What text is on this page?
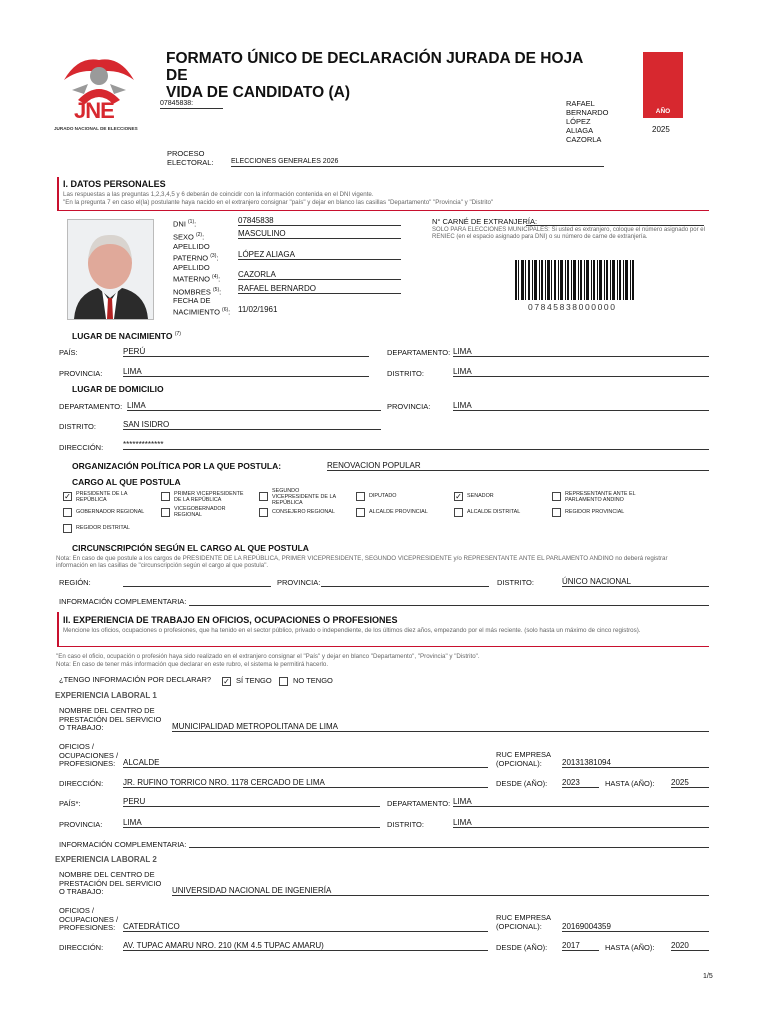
JNE
JURADO NACIONAL DE ELECCIONES
FORMATO ÚNICO DE DECLARACIÓN JURADA DE HOJA DE
VIDA DE CANDIDATO (A)
07845838:	RAFAEL
BERNARDO
LÓPEZ
ALIAGA
CAZORLA
AÑO
2025
PROCESO
ELECTORAL: ELECCIONES GENERALES 2026
I. DATOS PERSONALES
Las respuestas a las preguntas 1,2,3,4,5 y 6 deberán de coincidir con la información contenida en el DNI vigente.
"En la pregunta 7 en caso el(la) postulante haya nacido en el extranjero consignar "país" y dejar en blanco las casillas "Departamento" "Provincia" y "Distrito"
DNI $^{(1)}$:	07845838
SEXO $^{(2)}$:	MASCULINO
APELLIDO
PATERNO $^{(3)}$: LÓPEZ ALIAGA
APELLIDO
MATERNO $^{(4)}$: CAZORLA
NOMBRES $^{(5)}$: RAFAEL BERNARDO
FECHA DE
NACIMIENTO $^{(6)}$: 11/02/1961
N° CARNÉ DE EXTRANJERÍA:
SOLO PARA ELECCIONES MUNICIPALES: Si usted es extranjero, coloque el número asignado por el RENIEC (en el espacio asignado para DNI) o su número de carne de extranjería.
07845838000000
LUGAR DE NACIMIENTO $^{(7)}$
PAÍS:	PERÚ	DEPARTAMENTO: LIMA
PROVINCIA:	LIMA	DISTRITO:	LIMA
LUGAR DE DOMICILIO
DEPARTAMENTO: LIMA	PROVINCIA:	LIMA
DISTRITO:	SAN ISIDRO
DIRECCIÓN: *************
ORGANIZACIÓN POLÍTICA POR LA QUE POSTULA:	RENOVACION POPULAR
CARGO AL QUE POSTULA
✓ PRESIDENTE DE LA REPÚBLICA
PRIMER VICEPRESIDENTE DE LA REPÚBLICA
SEGUNDO VICEPRESIDENTE DE LA REPÚBLICA
DIPUTADO	✓ SENADOR	REPRESENTANTE ANTE EL PARLAMENTO ANDINO
GOBERNADOR REGIONAL	VICEGOBERNADOR REGIONAL	CONSEJERO REGIONAL	ALCALDE PROVINCIAL	ALCALDE DISTRITAL	REGIDOR PROVINCIAL
REGIDOR DISTRITAL
CIRCUNSCRIPCIÓN SEGÚN EL CARGO AL QUE POSTULA
Nota: En caso de que postule a los cargos de PRESIDENTE DE LA REPÚBLICA, PRIMER VICEPRESIDENTE, SEGUNDO VICEPRESIDENTE y/o REPRESENTANTE ANTE EL PARLAMENTO ANDINO no deberá registrar información en las casillas de "circunscripción según el cargo al que postula".
REGIÓN:	PROVINCIA:	DISTRITO:	ÚNICO NACIONAL
INFORMACIÓN COMPLEMENTARIA:
II. EXPERIENCIA DE TRABAJO EN OFICIOS, OCUPACIONES O PROFESIONES
Mencione los oficios, ocupaciones o profesiones, que ha tenido en el sector público, privado o independiente, de los últimos diez años, empezando por el más reciente. (solo hasta un máximo de cinco registros).
"En caso el oficio, ocupación o profesión haya sido realizado en el extranjero consignar el "País" y dejar en blanco "Departamento", "Provincia" y "Distrito".
Nota: En caso de tener más información que declarar en este rubro, el sistema le permitirá hacerlo.
¿TENGO INFORMACIÓN POR DECLARAR? ✓ SÍ TENGO	NO TENGO
EXPERIENCIA LABORAL 1
NOMBRE DEL CENTRO DE
PRESTACIÓN DEL SERVICIO
O TRABAJO:	MUNICIPALIDAD METROPOLITANA DE LIMA
OFICIOS /
OCUPACIONES /
PROFESIONES: ALCALDE
RUC EMPRESA
(OPCIONAL):	20131381094
DIRECCIÓN: JR. RUFINO TORRICO NRO. 1178 CERCADO DE LIMA	DESDE (AÑO): 2023	HASTA (AÑO): 2025
PAÍS*:	PERU	DEPARTAMENTO: LIMA
PROVINCIA:	LIMA	DISTRITO:	LIMA
INFORMACIÓN COMPLEMENTARIA:
EXPERIENCIA LABORAL 2
NOMBRE DEL CENTRO DE
PRESTACIÓN DEL SERVICIO
O TRABAJO:	UNIVERSIDAD NACIONAL DE INGENIERÍA
OFICIOS /
OCUPACIONES /
PROFESIONES: CATEDRÁTICO
RUC EMPRESA
(OPCIONAL):	20169004359
DIRECCIÓN: AV. TUPAC AMARU NRO. 210 (KM 4.5 TUPAC AMARU)	DESDE (AÑO): 2017	HASTA (AÑO): 2020
1/5
